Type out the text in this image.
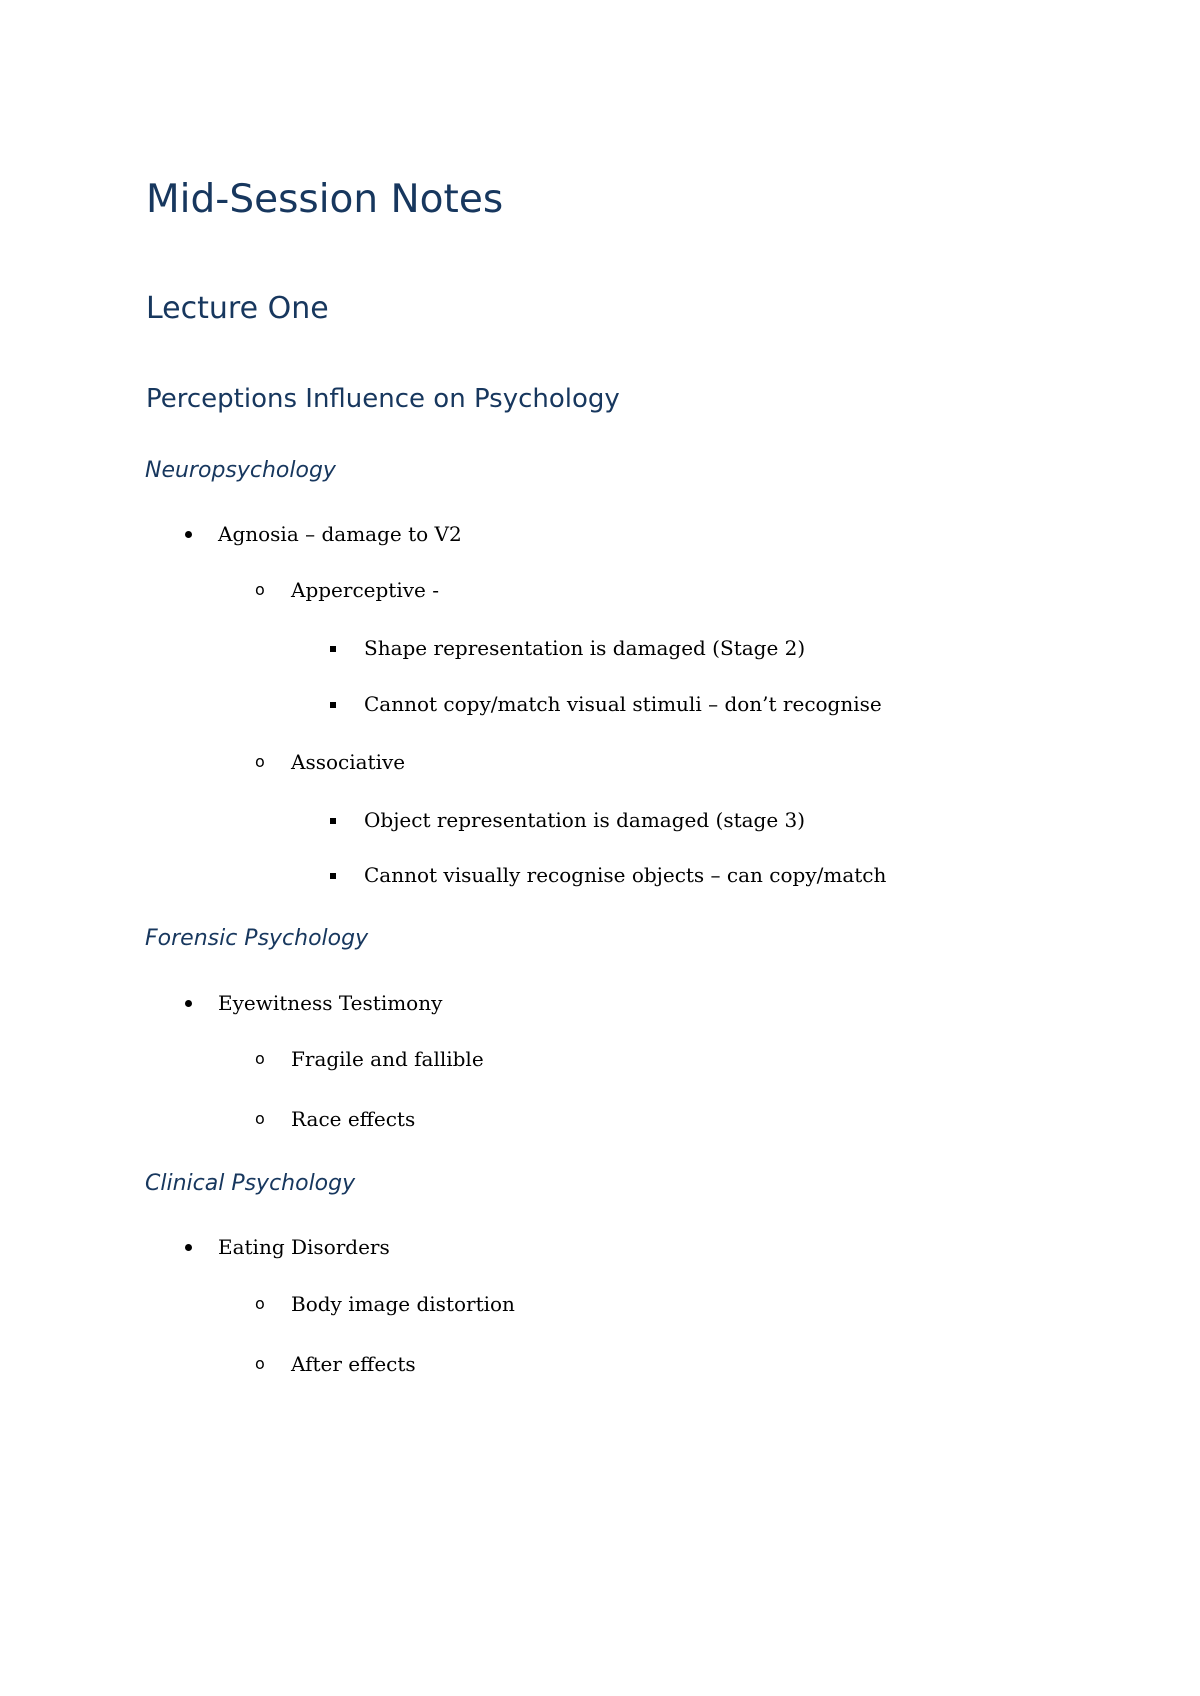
Mid-Session Notes
Lecture One
Perceptions Influence on Psychology
Neuropsychology
Agnosia – damage to V2
o Apperceptive -
Shape representation is damaged (Stage 2)
Cannot copy/match visual stimuli – don’t recognise
o Associative
Object representation is damaged (stage 3)
Cannot visually recognise objects – can copy/match
Forensic Psychology
Eyewitness Testimony
o Fragile and fallible
o Race effects
Clinical Psychology
Eating Disorders
o Body image distortion
o After effects
